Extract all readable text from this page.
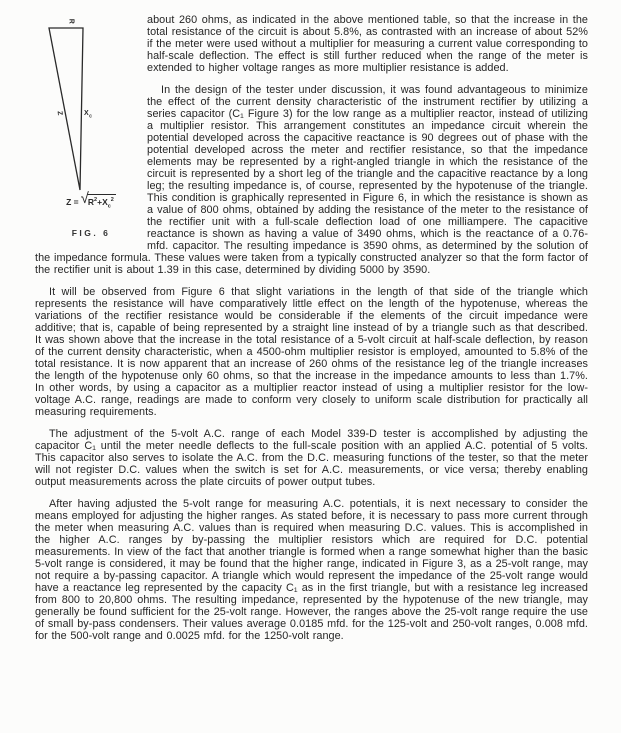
R
Z	$X_c$
$Z = √R^2+X_c^2$
FIG. 6

about 260 ohms, as indicated in the above mentioned table, so that the increase in the total resistance of the circuit is about 5.8%, as contrasted with an increase of about 52% if the meter were used without a multiplier for measuring a current value corresponding to half-scale deflection. The effect is still further reduced when the range of the meter is extended to higher voltage ranges as more multiplier resistance is added.

In the design of the tester under discussion, it was found advantageous to minimize the effect of the current density characteristic of the instrument rectifier by utilizing a series capacitor (C₁ Figure 3) for the low range as a multiplier reactor, instead of utilizing a multiplier resistor. This arrangement constitutes an impedance circuit wherein the potential developed across the capacitive reactance is 90 degrees out of phase with the potential developed across the meter and rectifier resistance, so that the impedance elements may be represented by a right-angled triangle in which the resistance of the circuit is represented by a short leg of the triangle and the capacitive reactance by a long leg; the resulting impedance is, of course, represented by the hypotenuse of the triangle. This condition is graphically represented in Figure 6, in which the resistance is shown as a value of 800 ohms, obtained by adding the resistance of the meter to the resistance of the rectifier unit with a full-scale deflection load of one milliampere. The capacitive reactance is shown as having a value of 3490 ohms, which is the reactance of a 0.76-mfd. capacitor. The resulting impedance is 3590 ohms, as determined by the solution of the impedance formula. These values were taken from a typically constructed analyzer so that the form factor of the rectifier unit is about 1.39 in this case, determined by dividing 5000 by 3590.

It will be observed from Figure 6 that slight variations in the length of that side of the triangle which represents the resistance will have comparatively little effect on the length of the hypotenuse, whereas the variations of the rectifier resistance would be considerable if the elements of the circuit impedance were additive; that is, capable of being represented by a straight line instead of by a triangle such as that described. It was shown above that the increase in the total resistance of a 5-volt circuit at half-scale deflection, by reason of the current density characteristic, when a 4500-ohm multiplier resistor is employed, amounted to 5.8% of the total resistance. It is now apparent that an increase of 260 ohms of the resistance leg of the triangle increases the length of the hypotenuse only 60 ohms, so that the increase in the impedance amounts to less than 1.7%. In other words, by using a capacitor as a multiplier reactor instead of using a multiplier resistor for the low-voltage A.C. range, readings are made to conform very closely to uniform scale distribution for practically all measuring requirements.

The adjustment of the 5-volt A.C. range of each Model 339-D tester is accomplished by adjusting the capacitor C₁ until the meter needle deflects to the full-scale position with an applied A.C. potential of 5 volts. This capacitor also serves to isolate the A.C. from the D.C. measuring functions of the tester, so that the meter will not register D.C. values when the switch is set for A.C. measurements, or vice versa; thereby enabling output measurements across the plate circuits of power output tubes.

After having adjusted the 5-volt range for measuring A.C. potentials, it is next necessary to consider the means employed for adjusting the higher ranges. As stated before, it is necessary to pass more current through the meter when measuring A.C. values than is required when measuring D.C. values. This is accomplished in the higher A.C. ranges by by-passing the multiplier resistors which are required for D.C. potential measurements. In view of the fact that another triangle is formed when a range somewhat higher than the basic 5-volt range is considered, it may be found that the higher range, indicated in Figure 3, as a 25-volt range, may not require a by-passing capacitor. A triangle which would represent the impedance of the 25-volt range would have a reactance leg represented by the capacity C₁ as in the first triangle, but with a resistance leg increased from 800 to 20,800 ohms. The resulting impedance, represented by the hypotenuse of the new triangle, may generally be found sufficient for the 25-volt range. However, the ranges above the 25-volt range require the use of small by-pass condensers. Their values average 0.0185 mfd. for the 125-volt and 250-volt ranges, 0.008 mfd. for the 500-volt range and 0.0025 mfd. for the 1250-volt range.
